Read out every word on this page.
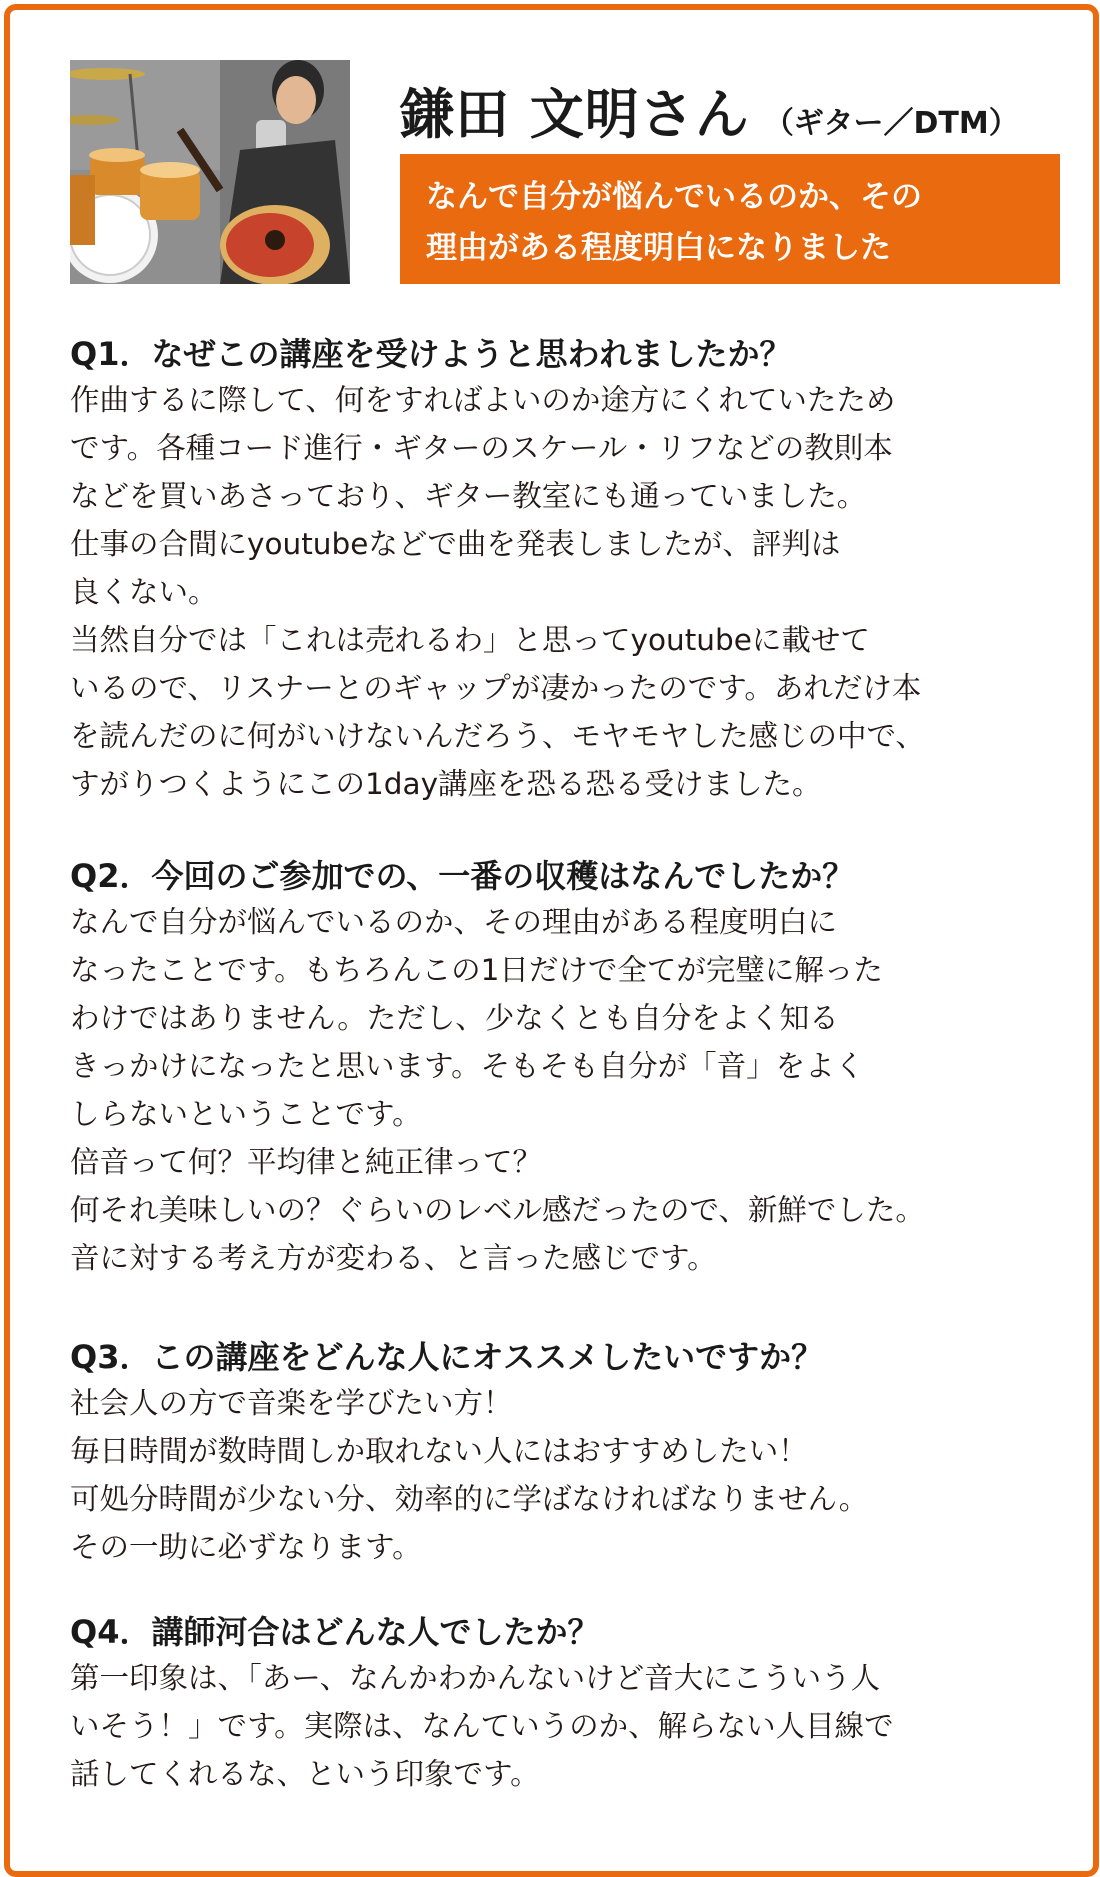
鎌田 文明さん （ギター／DTM）
なんで自分が悩んでいるのか、その
理由がある程度明白になりました
Q1．なぜこの講座を受けようと思われましたか？
作曲するに際して、何をすればよいのか途方にくれていたため
です。各種コード進行・ギターのスケール・リフなどの教則本
などを買いあさっており、ギター教室にも通っていました。
仕事の合間にyoutubeなどで曲を発表しましたが、評判は
良くない。
当然自分では「これは売れるわ」と思ってyoutubeに載せて
いるので、リスナーとのギャップが凄かったのです。あれだけ本
を読んだのに何がいけないんだろう、モヤモヤした感じの中で、
すがりつくようにこの1day講座を恐る恐る受けました。
Q2．今回のご参加での、一番の収穫はなんでしたか？
なんで自分が悩んでいるのか、その理由がある程度明白に
なったことです。もちろんこの1日だけで全てが完璧に解った
わけではありません。ただし、少なくとも自分をよく知る
きっかけになったと思います。そもそも自分が「音」をよく
しらないということです。
倍音って何？平均律と純正律って？
何それ美味しいの？ぐらいのレベル感だったので、新鮮でした。
音に対する考え方が変わる、と言った感じです。
Q3．この講座をどんな人にオススメしたいですか？
社会人の方で音楽を学びたい方！
毎日時間が数時間しか取れない人にはおすすめしたい！
可処分時間が少ない分、効率的に学ばなければなりません。
その一助に必ずなります。
Q4．講師河合はどんな人でしたか？
第一印象は、「あー、なんかわかんないけど音大にこういう人
いそう！」です。実際は、なんていうのか、解らない人目線で
話してくれるな、という印象です。
